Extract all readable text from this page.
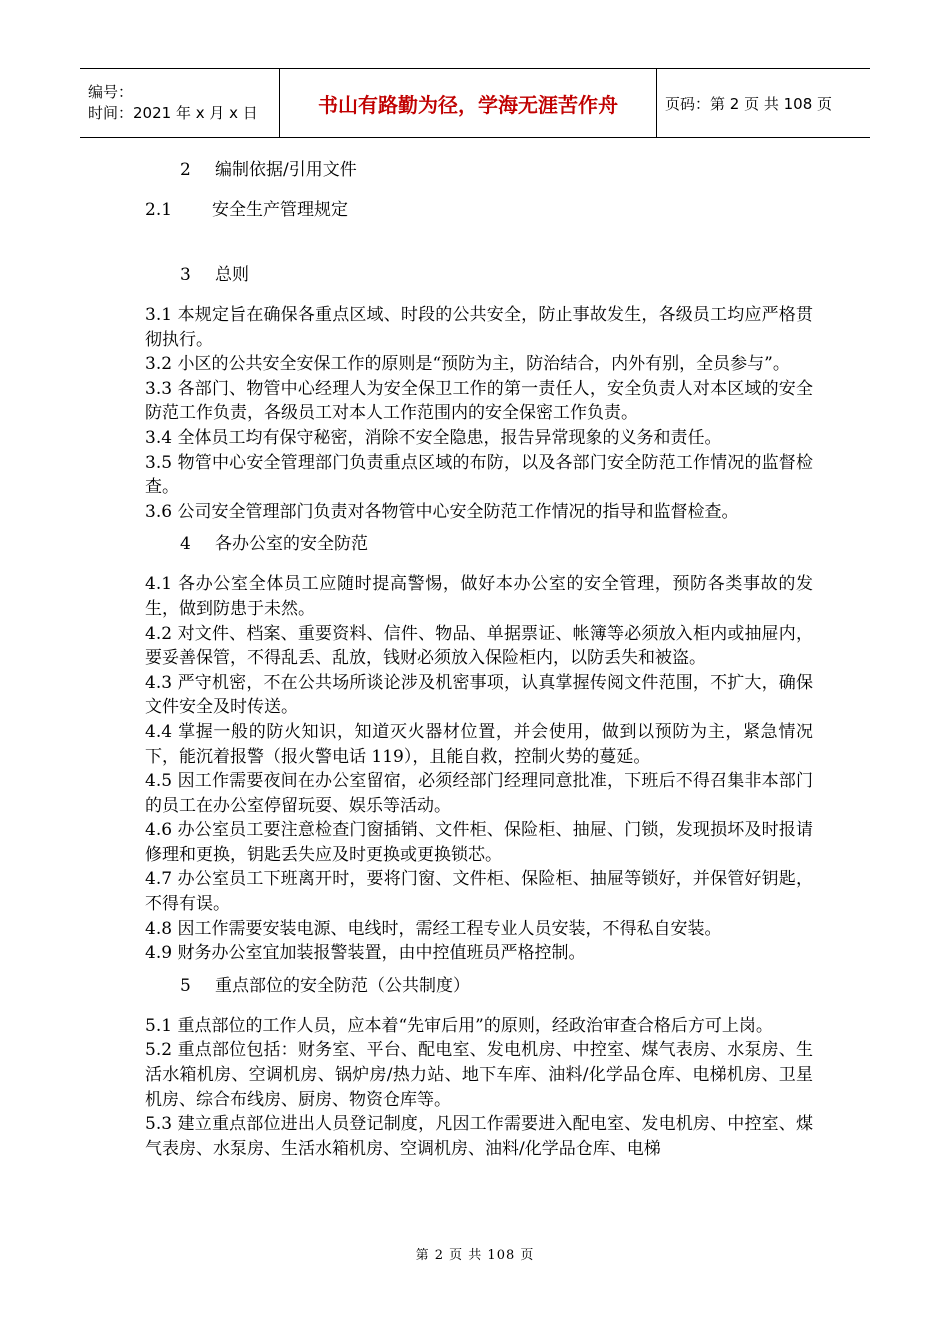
编号：
时间：2021 年 x 月 x 日	书山有路勤为径，学海无涯苦作舟	页码：第 2 页 共 108 页
2 编制依据/引用文件
2.1 安全生产管理规定
3 总则

3.1 本规定旨在确保各重点区域、时段的公共安全，防止事故发生，各级员工均应严格贯彻执行。

3.2 小区的公共安全安保工作的原则是“预防为主，防治结合，内外有别，全员参与”。

3.3 各部门、物管中心经理人为安全保卫工作的第一责任人，安全负责人对本区域的安全防范工作负责，各级员工对本人工作范围内的安全保密工作负责。

3.4 全体员工均有保守秘密，消除不安全隐患，报告异常现象的义务和责任。

3.5 物管中心安全管理部门负责重点区域的布防，以及各部门安全防范工作情况的监督检查。

3.6 公司安全管理部门负责对各物管中心安全防范工作情况的指导和监督检查。

4 各办公室的安全防范

4.1 各办公室全体员工应随时提高警惕，做好本办公室的安全管理，预防各类事故的发生，做到防患于未然。

4.2 对文件、档案、重要资料、信件、物品、单据票证、帐簿等必须放入柜内或抽屉内，要妥善保管，不得乱丢、乱放，钱财必须放入保险柜内，以防丢失和被盗。

4.3 严守机密，不在公共场所谈论涉及机密事项，认真掌握传阅文件范围，不扩大，确保文件安全及时传送。

4.4 掌握一般的防火知识，知道灭火器材位置，并会使用，做到以预防为主，紧急情况下，能沉着报警（报火警电话 119），且能自救，控制火势的蔓延。

4.5 因工作需要夜间在办公室留宿，必须经部门经理同意批准，下班后不得召集非本部门的员工在办公室停留玩耍、娱乐等活动。

4.6 办公室员工要注意检查门窗插销、文件柜、保险柜、抽屉、门锁，发现损坏及时报请修理和更换，钥匙丢失应及时更换或更换锁芯。

4.7 办公室员工下班离开时，要将门窗、文件柜、保险柜、抽屉等锁好，并保管好钥匙，不得有误。

4.8 因工作需要安装电源、电线时，需经工程专业人员安装，不得私自安装。

4.9 财务办公室宜加装报警装置，由中控值班员严格控制。

5 重点部位的安全防范（公共制度）

5.1 重点部位的工作人员，应本着“先审后用”的原则，经政治审查合格后方可上岗。

5.2 重点部位包括：财务室、平台、配电室、发电机房、中控室、煤气表房、水泵房、生活水箱机房、空调机房、锅炉房/热力站、地下车库、油料/化学品仓库、电梯机房、卫星机房、综合布线房、厨房、物资仓库等。

5.3 建立重点部位进出人员登记制度，凡因工作需要进入配电室、发电机房、中控室、煤气表房、水泵房、生活水箱机房、空调机房、油料/化学品仓库、电梯

第 2 页 共 108 页
